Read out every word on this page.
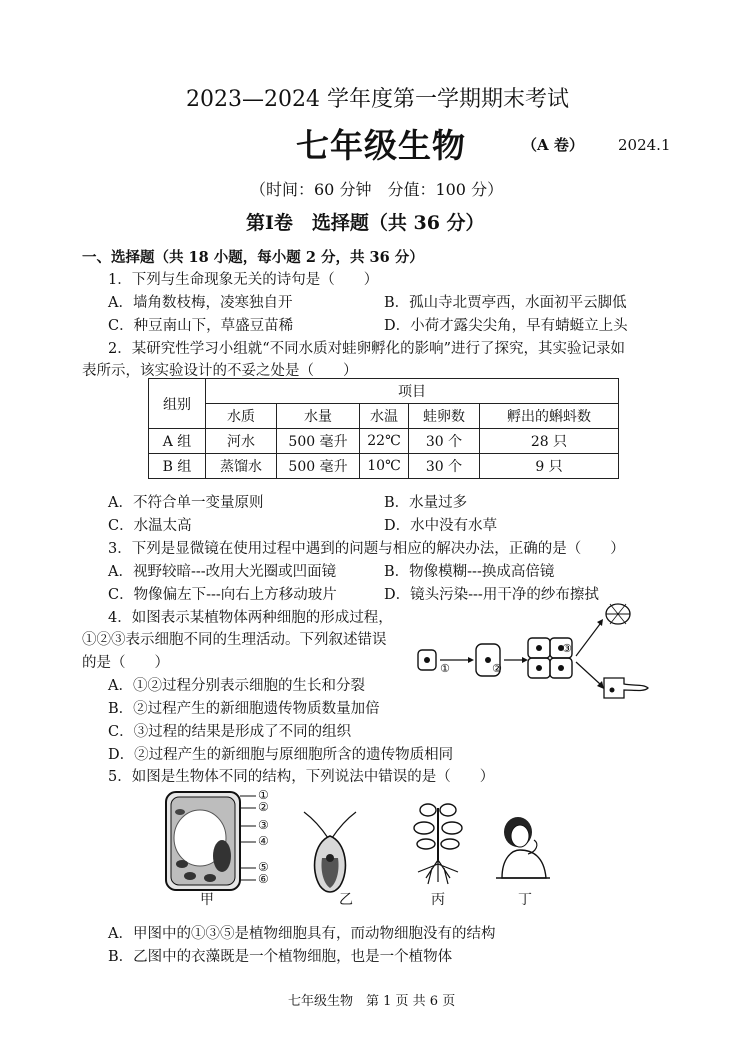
2023—2024 学年度第一学期期末考试
七年级生物	（A 卷） 2024.1
（时间：60 分钟　分值：100 分）
第Ⅰ卷　选择题（共 36 分）
一、选择题（共 18 小题，每小题 2 分，共 36 分）
1．下列与生命现象无关的诗句是（　　）
A．墙角数枝梅，凌寒独自开	B．孤山寺北贾亭西，水面初平云脚低
C．种豆南山下，草盛豆苗稀	D．小荷才露尖尖角，早有蜻蜓立上头
2．某研究性学习小组就“不同水质对蛙卵孵化的影响”进行了探究，其实验记录如
表所示，该实验设计的不妥之处是（　　）
组别	项目				
	水质	水量	水温	蛙卵数	孵出的蝌蚪数
A 组	河水	500 毫升	22℃	30 个	28 只
B 组	蒸馏水	500 毫升	10℃	30 个	9 只
A．不符合单一变量原则	B．水量过多
C．水温太高	D．水中没有水草
3．下列是显微镜在使用过程中遇到的问题与相应的解决办法，正确的是（　　）
A．视野较暗---改用大光圈或凹面镜	B．物像模糊---换成高倍镜
C．物像偏左下---向右上方移动玻片	D．镜头污染---用干净的纱布擦拭
4．如图表示某植物体两种细胞的形成过程，
①②③表示细胞不同的生理活动。下列叙述错误
的是（　　）
A．①②过程分别表示细胞的生长和分裂
B．②过程产生的新细胞遗传物质数量加倍
C．③过程的结果是形成了不同的组织
D．②过程产生的新细胞与原细胞所含的遗传物质相同
①	②
③
5．如图是生物体不同的结构，下列说法中错误的是（　　）
①
②
③
④
⑤
⑥
甲	乙	丙	丁
A．甲图中的①③⑤是植物细胞具有，而动物细胞没有的结构
B．乙图中的衣藻既是一个植物细胞，也是一个植物体
七年级生物　第 1 页 共 6 页
